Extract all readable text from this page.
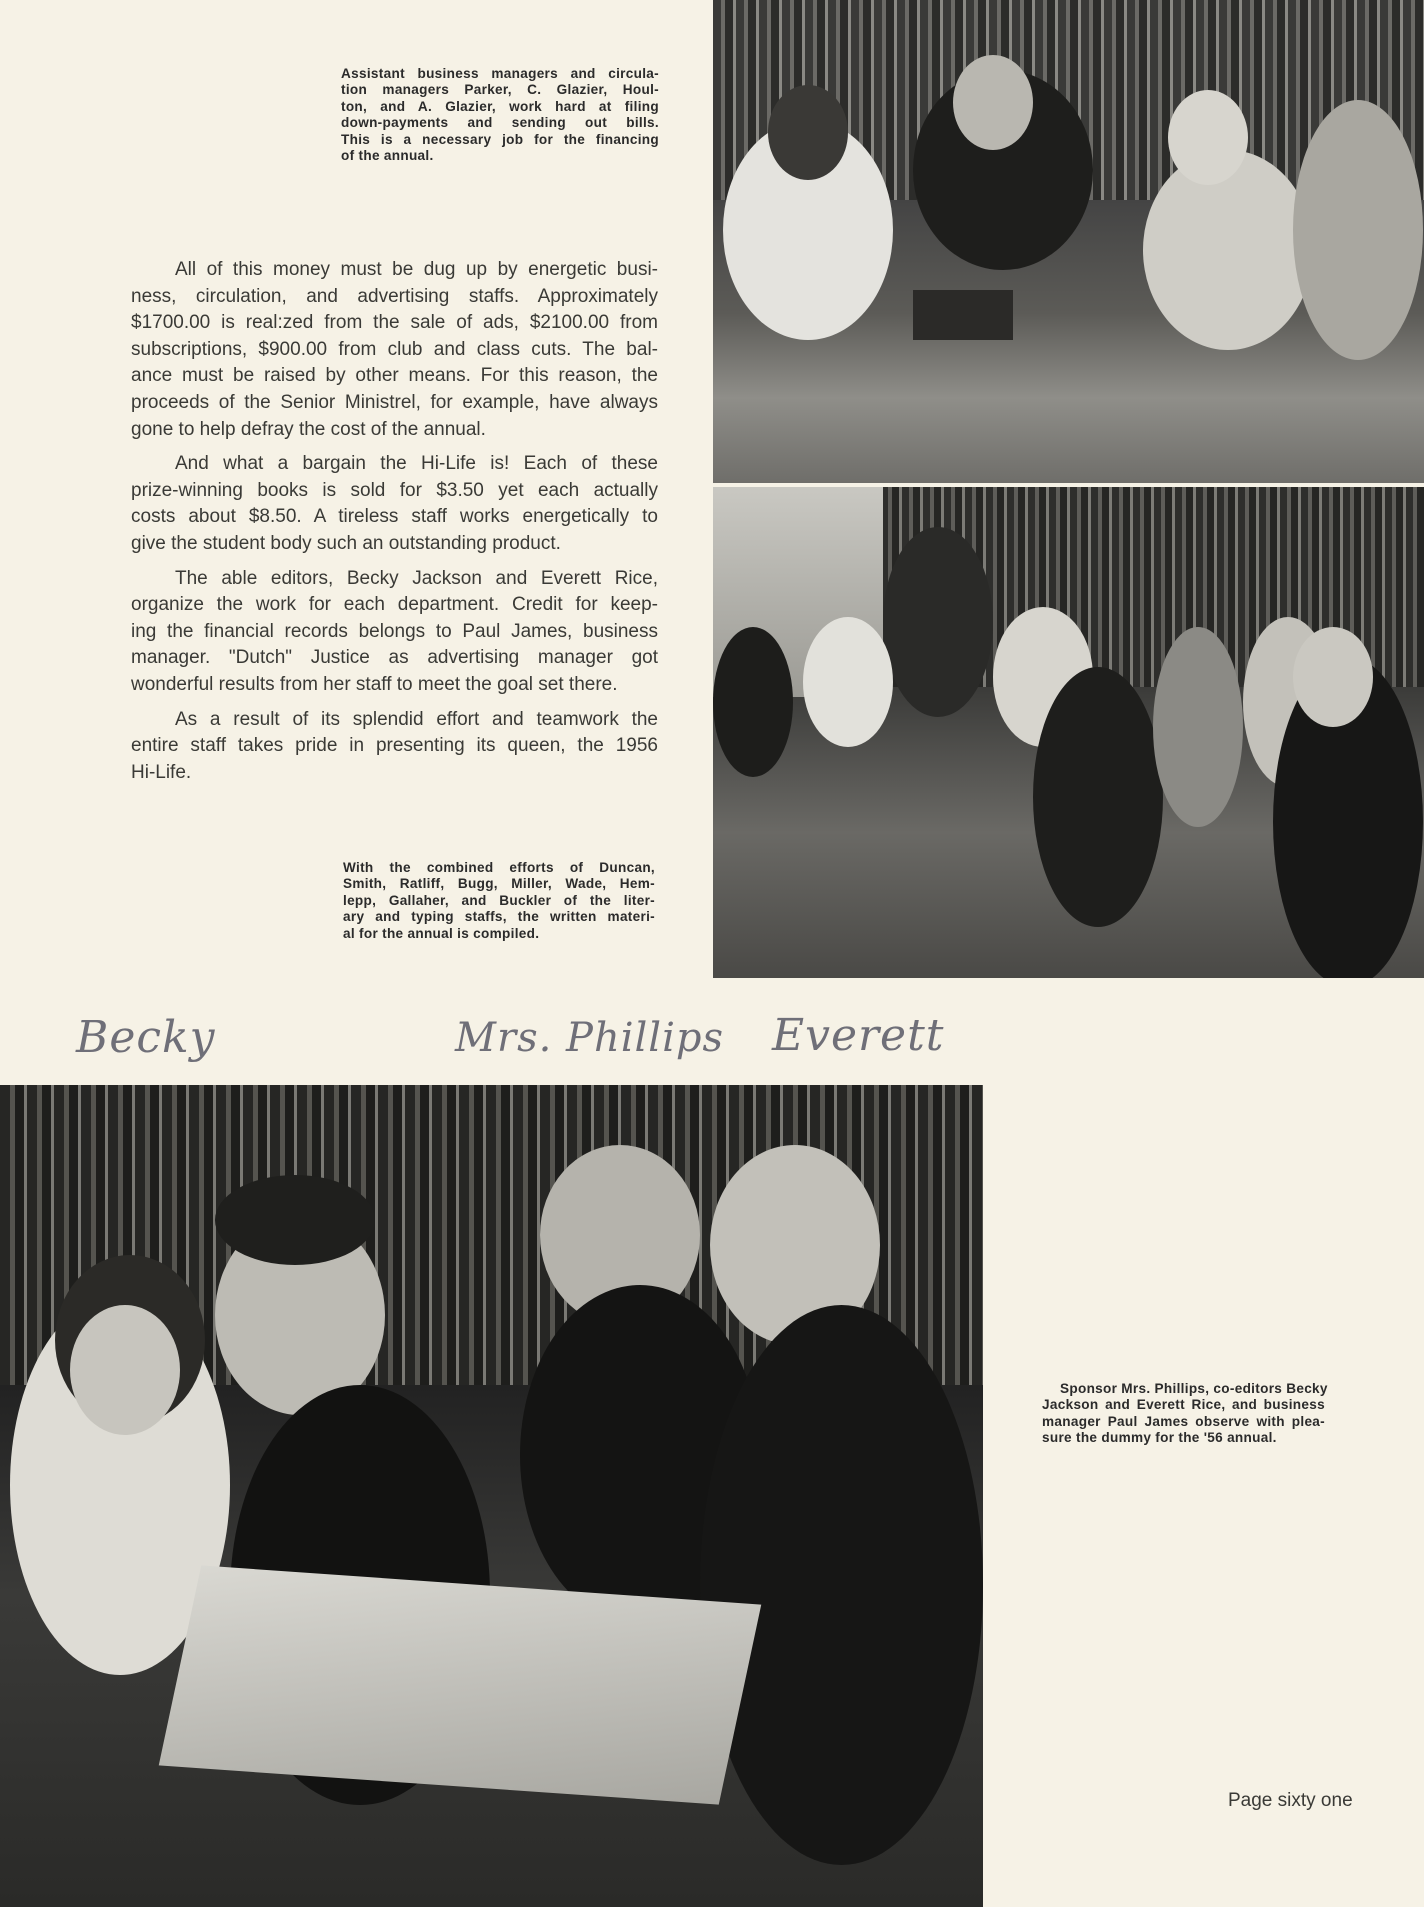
Assistant business managers and circula-
tion managers Parker, C. Glazier, Houl-
ton, and A. Glazier, work hard at filing
down-payments and sending out bills.
This is a necessary job for the financing
of the annual.
All of this money must be dug up by energetic busi-
ness, circulation, and advertising staffs. Approximately
$1700.00 is real:zed from the sale of ads, $2100.00 from
subscriptions, $900.00 from club and class cuts. The bal-
ance must be raised by other means. For this reason, the
proceeds of the Senior Ministrel, for example, have always
gone to help defray the cost of the annual.
And what a bargain the Hi-Life is! Each of these
prize-winning books is sold for $3.50 yet each actually
costs about $8.50. A tireless staff works energetically to
give the student body such an outstanding product.
The able editors, Becky Jackson and Everett Rice,
organize the work for each department. Credit for keep-
ing the financial records belongs to Paul James, business
manager. "Dutch" Justice as advertising manager got
wonderful results from her staff to meet the goal set there.
As a result of its splendid effort and teamwork the
entire staff takes pride in presenting its queen, the 1956
Hi-Life.
With the combined efforts of Duncan,
Smith, Ratliff, Bugg, Miller, Wade, Hem-
lepp, Gallaher, and Buckler of the liter-
ary and typing staffs, the written materi-
al for the annual is compiled.
Becky	Mrs. Phillips Everett
Sponsor Mrs. Phillips, co-editors Becky
Jackson and Everett Rice, and business
manager Paul James observe with plea-
sure the dummy for the '56 annual.
Page sixty one
